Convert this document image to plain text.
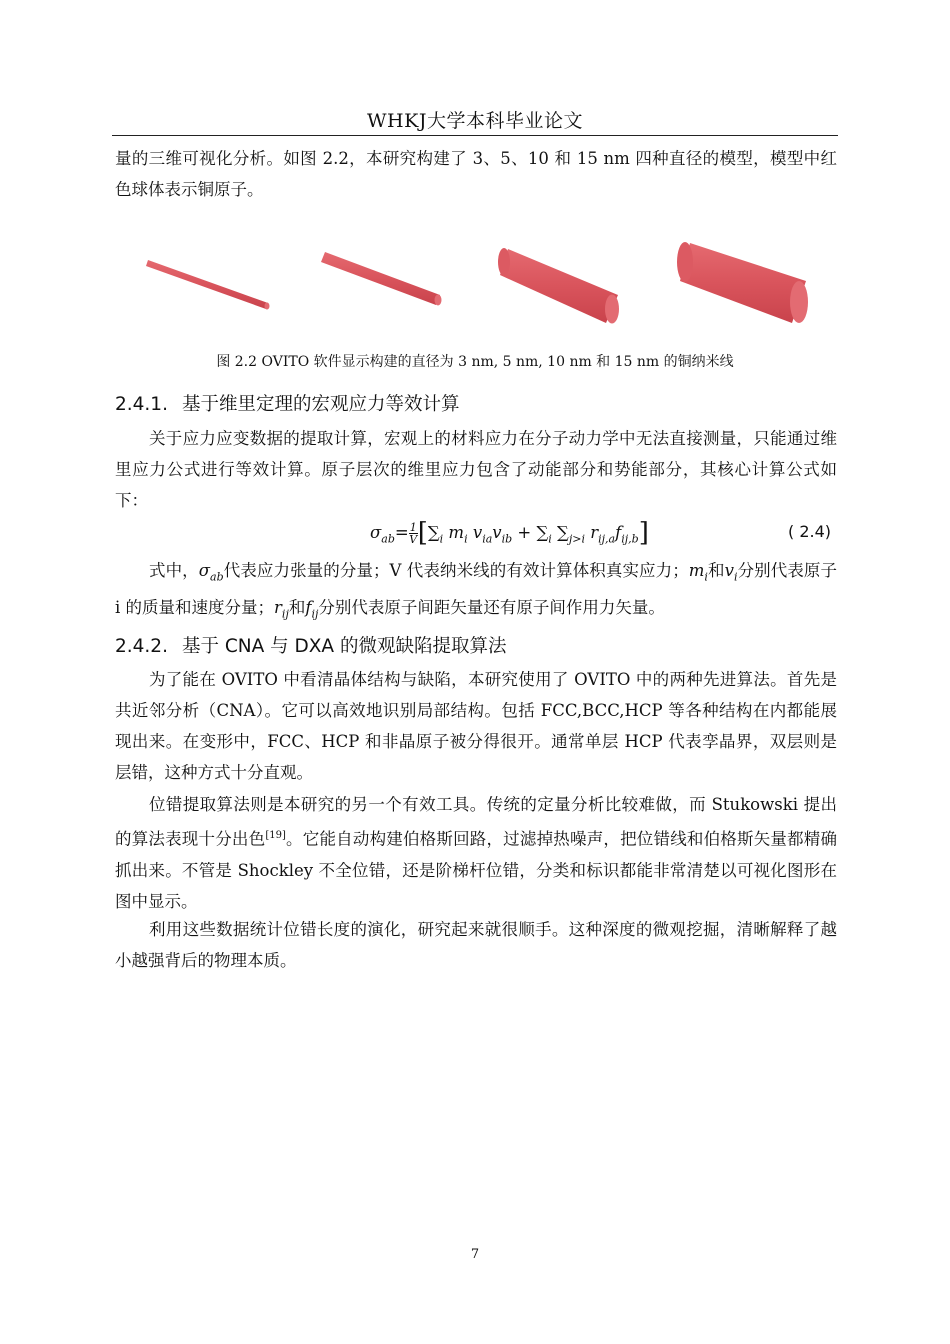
WHKJ大学本科毕业论文

量的三维可视化分析。如图 2.2，本研究构建了 3、5、10 和 15 nm 四种直径的模型，模型中红色球体表示铜原子。

图 2.2 OVITO 软件显示构建的直径为 3 nm, 5 nm, 10 nm 和 15 nm 的铜纳米线
2.4.1. 基于维里定理的宏观应力等效计算

关于应力应变数据的提取计算，宏观上的材料应力在分子动力学中无法直接测量，只能通过维里应力公式进行等效计算。原子层次的维里应力包含了动能部分和势能部分，其核心计算公式如下：

$\sigma_{ab}= \frac{1}{V} [\sum_i$ $m_i$ $v_{ia}v_{ib} + \sum_i$ $\sum_{j>i}$ $r_{ij,a}f_{ij,b}$]	( 2.4)

式中，$\sigma_{ab}$代表应力张量的分量；V 代表纳米线的有效计算体积真实应力；$m_i$和$v_i$分别代表原子 i 的质量和速度分量；$r_{ij}$和$f_{ij}$分别代表原子间距矢量还有原子间作用力矢量。

2.4.2. 基于 CNA 与 DXA 的微观缺陷提取算法

为了能在 OVITO 中看清晶体结构与缺陷，本研究使用了 OVITO 中的两种先进算法。首先是共近邻分析（CNA）。它可以高效地识别局部结构。包括 FCC,BCC,HCP 等各种结构在内都能展现出来。在变形中，FCC、HCP 和非晶原子被分得很开。通常单层 HCP 代表孪晶界，双层则是层错，这种方式十分直观。

位错提取算法则是本研究的另一个有效工具。传统的定量分析比较难做，而 Stukowski 提出的算法表现十分出色[19]。它能自动构建伯格斯回路，过滤掉热噪声，把位错线和伯格斯矢量都精确抓出来。不管是 Shockley 不全位错，还是阶梯杆位错，分类和标识都能非常清楚以可视化图形在图中显示。

利用这些数据统计位错长度的演化，研究起来就很顺手。这种深度的微观挖掘，清晰解释了越小越强背后的物理本质。

7
